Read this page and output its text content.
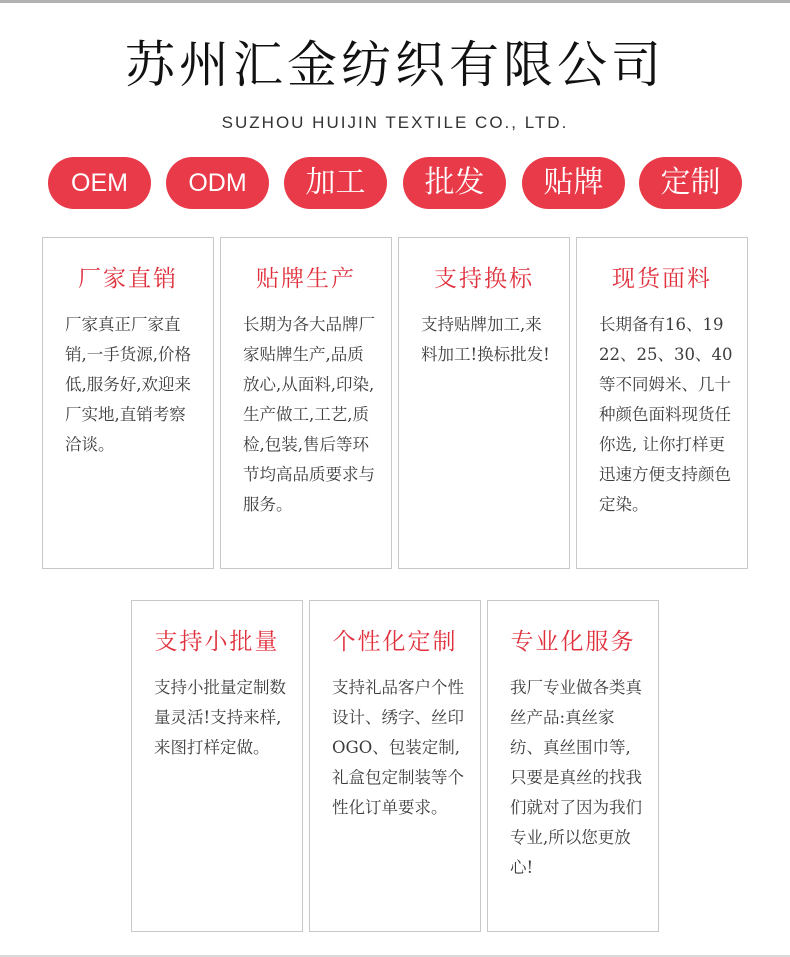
苏州汇金纺织有限公司
SUZHOU HUIJIN TEXTILE CO., LTD.
OEM	ODM	加工	批发	贴牌	定制
厂家直销
厂家真正厂家直销,一手货源,价格低,服务好,欢迎来厂实地,直销考察洽谈。
贴牌生产
长期为各大品牌厂家贴牌生产,品质放心,从面料,印染, 生产做工,工艺,质检,包装,售后等环节均高品质要求与服务。
支持换标
支持贴牌加工,来料加工!换标批发!
现货面料
长期备有16、19 22、25、30、40等不同姆米、几十种颜色面料现货任你选, 让你打样更迅速方便支持颜色定染。
支持小批量
支持小批量定制数量灵活!支持来样,来图打样定做。
个性化定制
支持礼品客户个性设计、绣字、丝印OGO、包装定制,礼盒包定制装等个性化订单要求。
专业化服务
我厂专业做各类真丝产品:真丝家纺、真丝围巾等,只要是真丝的找我们就对了因为我们专业,所以您更放心!
